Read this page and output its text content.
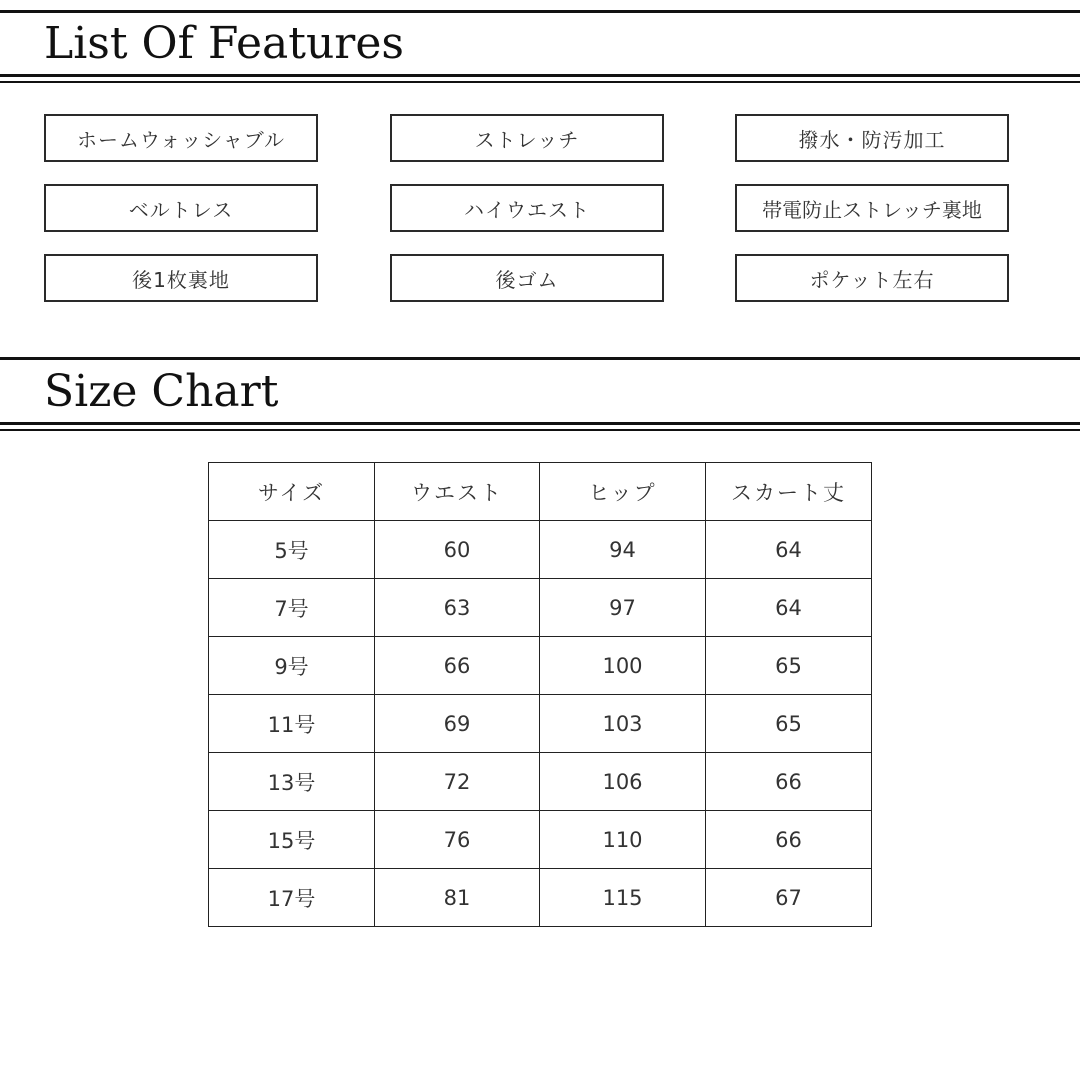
List Of Features
ホームウォッシャブル	ストレッチ	撥水・防汚加工
ベルトレス	ハイウエスト	帯電防止ストレッチ裏地
後1枚裏地	後ゴム	ポケット左右
Size Chart
サイズ	ウエスト	ヒップ	スカート丈
5号	60	94	64
7号	63	97	64
9号	66	100	65
11号	69	103	65
13号	72	106	66
15号	76	110	66
17号	81	115	67
